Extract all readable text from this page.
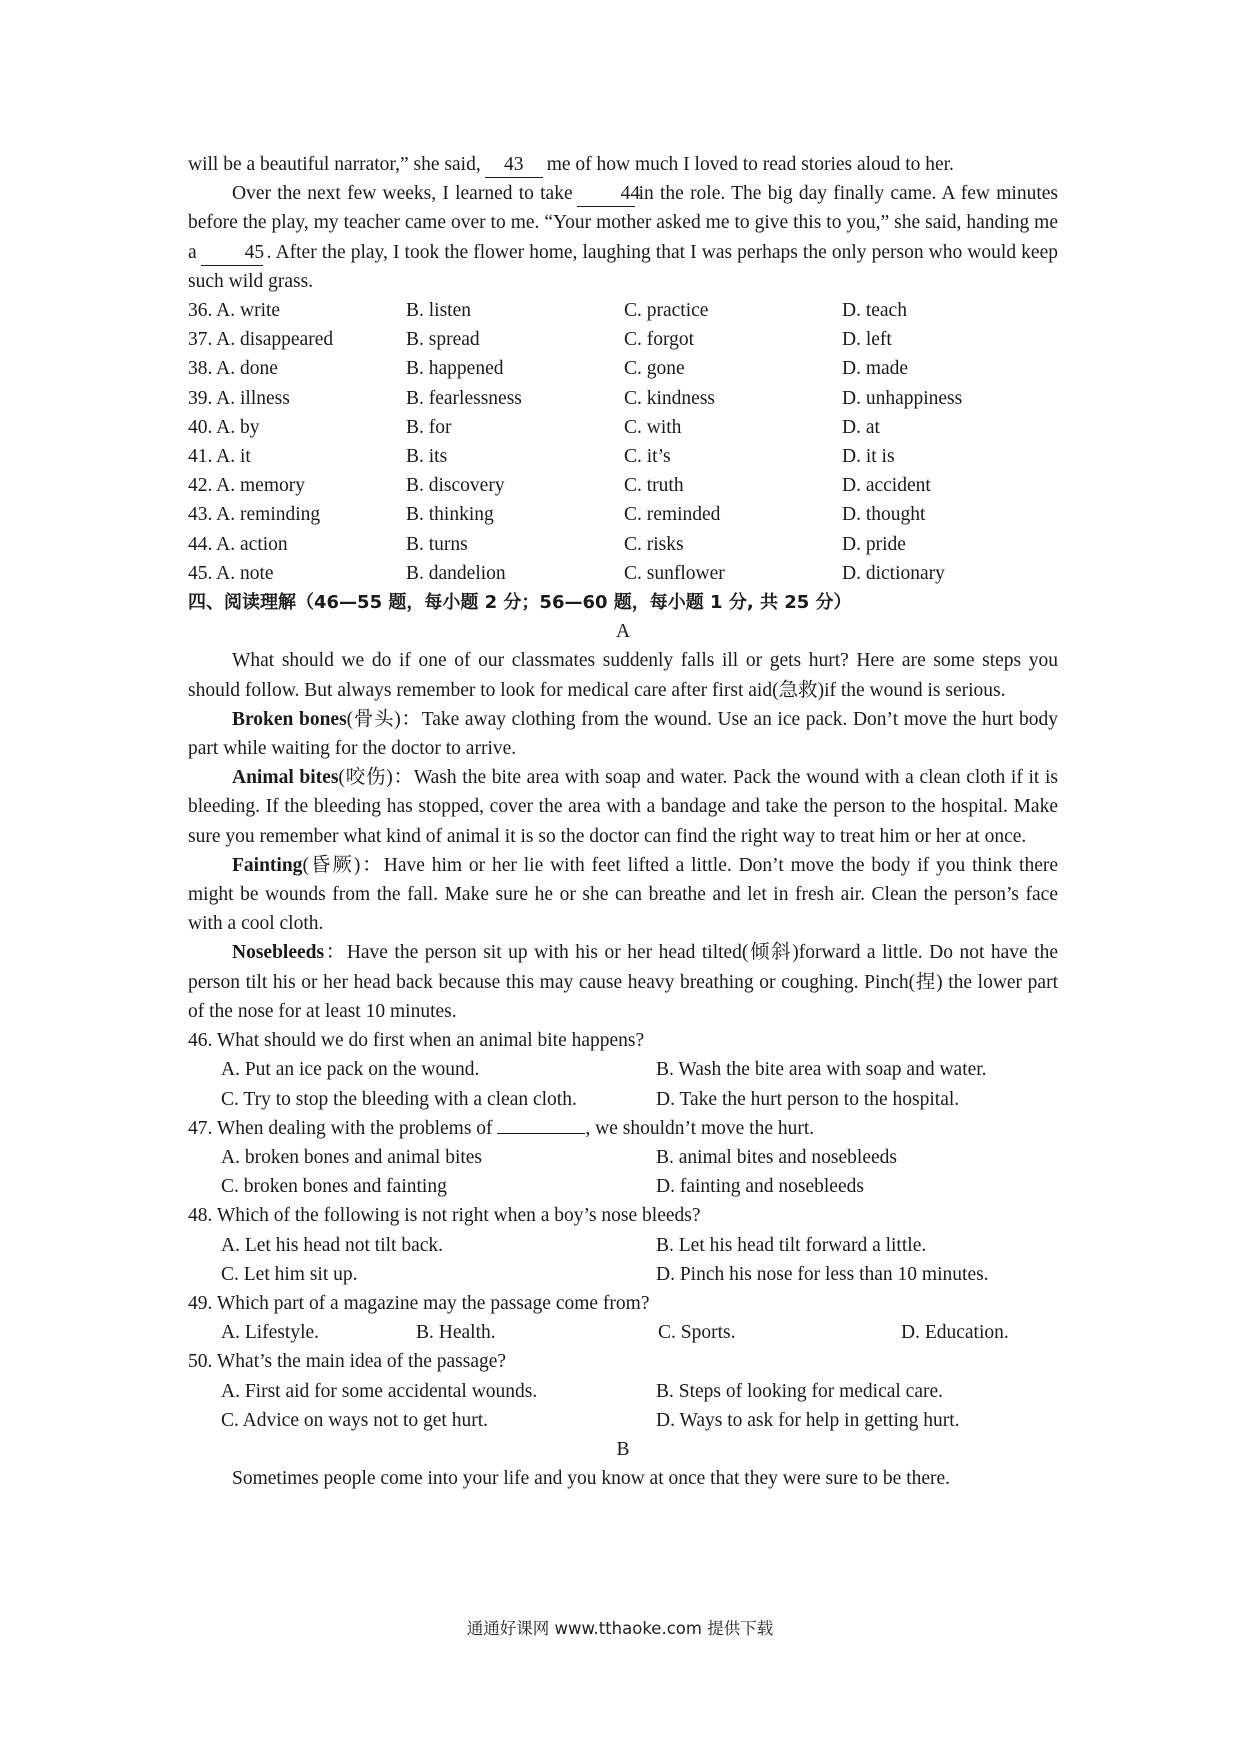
will be a beautiful narrator,” she said, 43 me of how much I loved to read stories aloud to her.

Over the next few weeks, I learned to take 44in the role. The big day finally came. A few minutes before the play, my teacher came over to me. “Your mother asked me to give this to you,” she said, handing me a 45 . After the play, I took the flower home, laughing that I was perhaps the only person who would keep such wild grass.

36. A. write	B. listen	C. practice	D. teach
37. A. disappeared	B. spread	C. forgot	D. left
38. A. done	B. happened	C. gone	D. made
39. A. illness	B. fearlessness	C. kindness	D. unhappiness
40. A. by	B. for	C. with	D. at
41. A. it	B. its	C. it’s	D. it is
42. A. memory	B. discovery	C. truth	D. accident
43. A. reminding	B. thinking	C. reminded	D. thought
44. A. action	B. turns	C. risks	D. pride
45. A. note	B. dandelion	C. sunflower	D. dictionary
四、阅读理解（46—55 题，每小题 2 分；56—60 题，每小题 1 分, 共 25 分）
A

What should we do if one of our classmates suddenly falls ill or gets hurt? Here are some steps you should follow. But always remember to look for medical care after first aid(急救)if the wound is serious.

Broken bones(骨头)：Take away clothing from the wound. Use an ice pack. Don’t move the hurt body part while waiting for the doctor to arrive.

Animal bites(咬伤)：Wash the bite area with soap and water. Pack the wound with a clean cloth if it is bleeding. If the bleeding has stopped, cover the area with a bandage and take the person to the hospital. Make sure you remember what kind of animal it is so the doctor can find the right way to treat him or her at once.

Fainting(昏厥)：Have him or her lie with feet lifted a little. Don’t move the body if you think there might be wounds from the fall. Make sure he or she can breathe and let in fresh air. Clean the person’s face with a cool cloth.

Nosebleeds：Have the person sit up with his or her head tilted(倾斜)forward a little. Do not have the person tilt his or her head back because this may cause heavy breathing or coughing. Pinch(捏) the lower part of the nose for at least 10 minutes.

46. What should we do first when an animal bite happens?

A. Put an ice pack on the wound.	B. Wash the bite area with soap and water.
C. Try to stop the bleeding with a clean cloth.	D. Take the hurt person to the hospital.

47. When dealing with the problems of	, we shouldn’t move the hurt.

A. broken bones and animal bites	B. animal bites and nosebleeds
C. broken bones and fainting	D. fainting and nosebleeds

48. Which of the following is not right when a boy’s nose bleeds?

A. Let his head not tilt back.	B. Let his head tilt forward a little.
C. Let him sit up.	D. Pinch his nose for less than 10 minutes.

49. Which part of a magazine may the passage come from?

A. Lifestyle.	B. Health.	C. Sports.	D. Education.

50. What’s the main idea of the passage?

A. First aid for some accidental wounds.	B. Steps of looking for medical care.
C. Advice on ways not to get hurt.	D. Ways to ask for help in getting hurt.
B

Sometimes people come into your life and you know at once that they were sure to be there.

通通好课网 www.tthaoke.com 提供下载
